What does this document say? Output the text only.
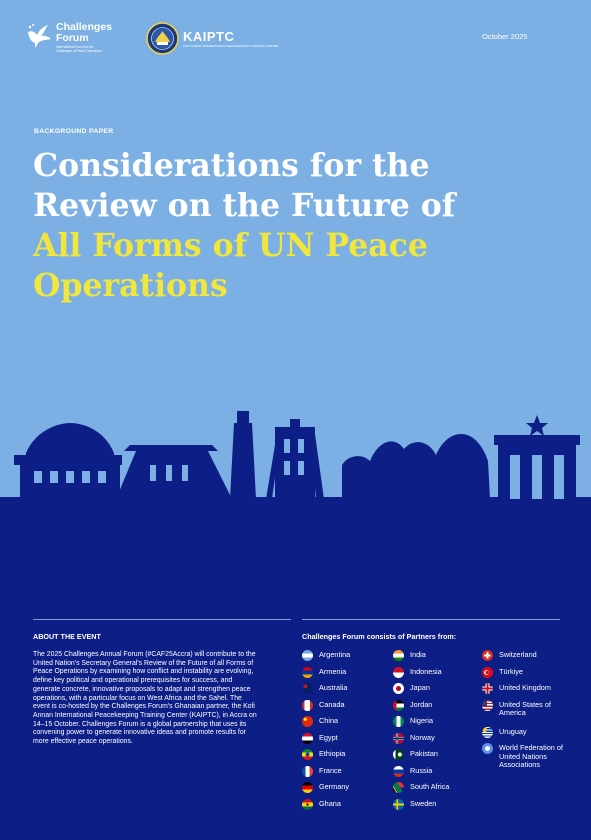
Challenges
Forum
International Forum for the Challenges of Peace Operations
KAIPTC
KOFI ANNAN INTERNATIONAL PEACEKEEPING TRAINING CENTRE
October 2025
BACKGROUND PAPER
Considerations for the
Review on the Future of
All Forms of UN Peace
Operations
ABOUT THE EVENT
The 2025 Challenges Annual Forum (#CAF25Accra) will contribute to the United Nation's Secretary General's Review of the Future of all Forms of Peace Operations by examining how conflict and instability are evolving, define key political and operational prerequisites for success, and generate concrete, innovative proposals to adapt and strengthen peace operations, with a particular focus on West Africa and the Sahel. The event is co-hosted by the Challenges Forum's Ghanaian partner, the Kofi Annan International Peacekeeping Training Center (KAIPTC), in Accra on 14–15 October. Challenges Forum is a global partnership that uses its convening power to generate innovative ideas and promote results for more effective peace operations.
Challenges Forum consists of Partners from:
Argentina
Armenia
Australia
Canada
China
Egypt
Ethiopia
France
Germany
Ghana
India
Indonesia
Japan
Jordan
Nigeria
Norway
Pakistan
Russia
South Africa
Sweden
Switzerland
Türkiye
United Kingdom
United States of America
Uruguay
World Federation of United Nations Associations
